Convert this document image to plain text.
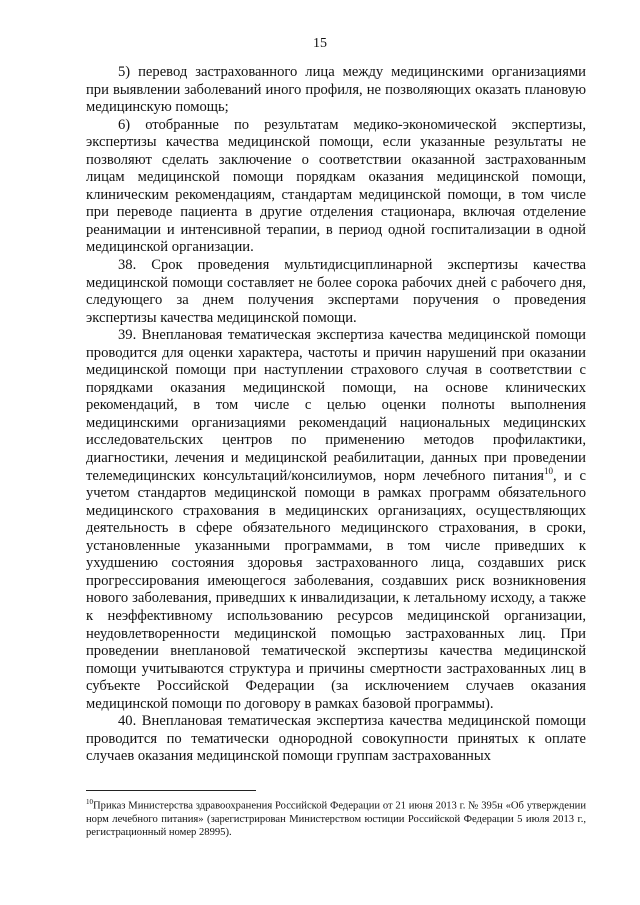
15

5) перевод застрахованного лица между медицинскими организациями при выявлении заболеваний иного профиля, не позволяющих оказать плановую медицинскую помощь;

6) отобранные по результатам медико-экономической экспертизы, экспертизы качества медицинской помощи, если указанные результаты не позволяют сделать заключение о соответствии оказанной застрахованным лицам медицинской помощи порядкам оказания медицинской помощи, клиническим рекомендациям, стандартам медицинской помощи, в том числе при переводе пациента в другие отделения стационара, включая отделение реанимации и интенсивной терапии, в период одной госпитализации в одной медицинской организации.

38. Срок проведения мультидисциплинарной экспертизы качества медицинской помощи составляет не более сорока рабочих дней с рабочего дня, следующего за днем получения экспертами поручения о проведения экспертизы качества медицинской помощи.

39. Внеплановая тематическая экспертиза качества медицинской помощи проводится для оценки характера, частоты и причин нарушений при оказании медицинской помощи при наступлении страхового случая в соответствии с порядками оказания медицинской помощи, на основе клинических рекомендаций, в том числе с целью оценки полноты выполнения медицинскими организациями рекомендаций национальных медицинских исследовательских центров по применению методов профилактики, диагностики, лечения и медицинской реабилитации, данных при проведении телемедицинских консультаций/консилиумов, норм лечебного питания$^{10}$, и с учетом стандартов медицинской помощи в рамках программ обязательного медицинского страхования в медицинских организациях, осуществляющих деятельность в сфере обязательного медицинского страхования, в сроки, установленные указанными программами, в том числе приведших к ухудшению состояния здоровья застрахованного лица, создавших риск прогрессирования имеющегося заболевания, создавших риск возникновения нового заболевания, приведших к инвалидизации, к летальному исходу, а также к неэффективному использованию ресурсов медицинской организации, неудовлетворенности медицинской помощью застрахованных лиц. При проведении внеплановой тематической экспертизы качества медицинской помощи учитываются структура и причины смертности застрахованных лиц в субъекте Российской Федерации (за исключением случаев оказания медицинской помощи по договору в рамках базовой программы).

40. Внеплановая тематическая экспертиза качества медицинской помощи проводится по тематически однородной совокупности принятых к оплате случаев оказания медицинской помощи группам застрахованных

$^{10}$Приказ Министерства здравоохранения Российской Федерации от 21 июня 2013 г. № 395н «Об утверждении норм лечебного питания» (зарегистрирован Министерством юстиции Российской Федерации 5 июля 2013 г., регистрационный номер 28995).
